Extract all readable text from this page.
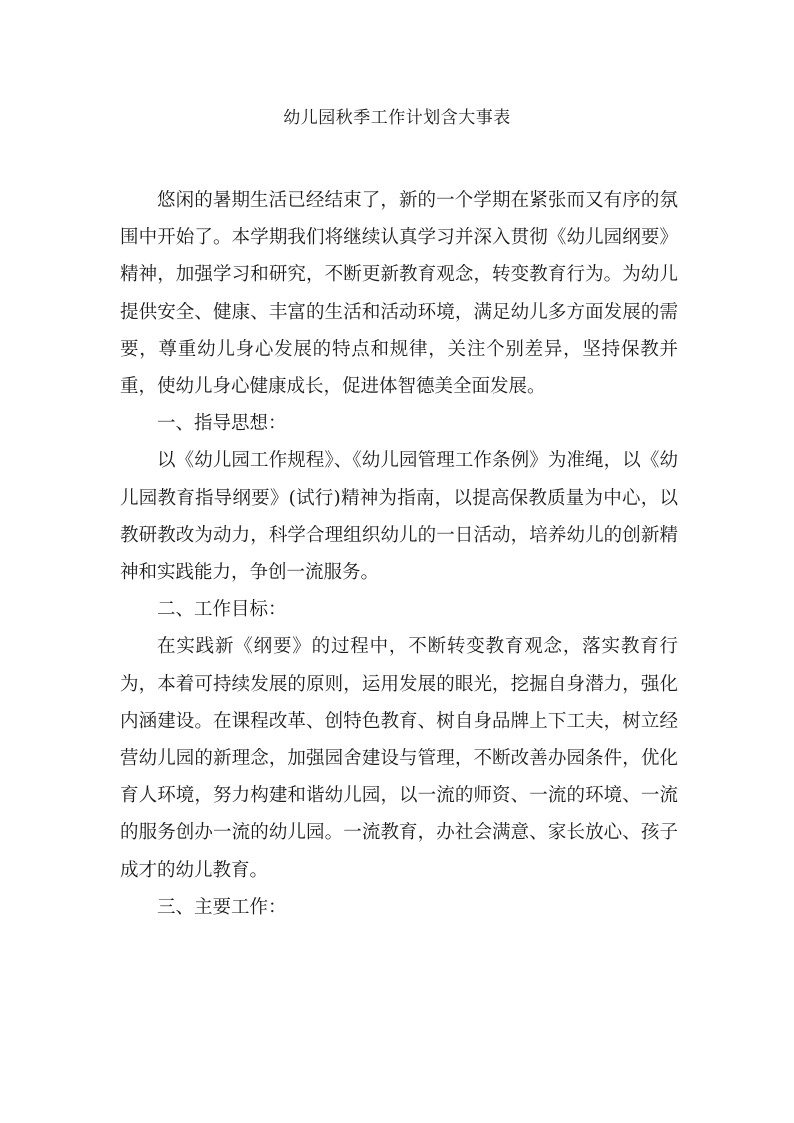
幼儿园秋季工作计划含大事表

悠闲的暑期生活已经结束了，新的一个学期在紧张而又有序的氛围中开始了。本学期我们将继续认真学习并深入贯彻《幼儿园纲要》精神，加强学习和研究，不断更新教育观念，转变教育行为。为幼儿提供安全、健康、丰富的生活和活动环境，满足幼儿多方面发展的需要，尊重幼儿身心发展的特点和规律，关注个别差异，坚持保教并重，使幼儿身心健康成长，促进体智德美全面发展。

一、指导思想：

以《幼儿园工作规程》、《幼儿园管理工作条例》为准绳，以《幼儿园教育指导纲要》(试行)精神为指南，以提高保教质量为中心，以教研教改为动力，科学合理组织幼儿的一日活动，培养幼儿的创新精神和实践能力，争创一流服务。

二、工作目标：

在实践新《纲要》的过程中，不断转变教育观念，落实教育行为，本着可持续发展的原则，运用发展的眼光，挖掘自身潜力，强化内涵建设。在课程改革、创特色教育、树自身品牌上下工夫，树立经营幼儿园的新理念，加强园舍建设与管理，不断改善办园条件，优化育人环境，努力构建和谐幼儿园，以一流的师资、一流的环境、一流的服务创办一流的幼儿园。一流教育，办社会满意、家长放心、孩子成才的幼儿教育。

三、主要工作：
